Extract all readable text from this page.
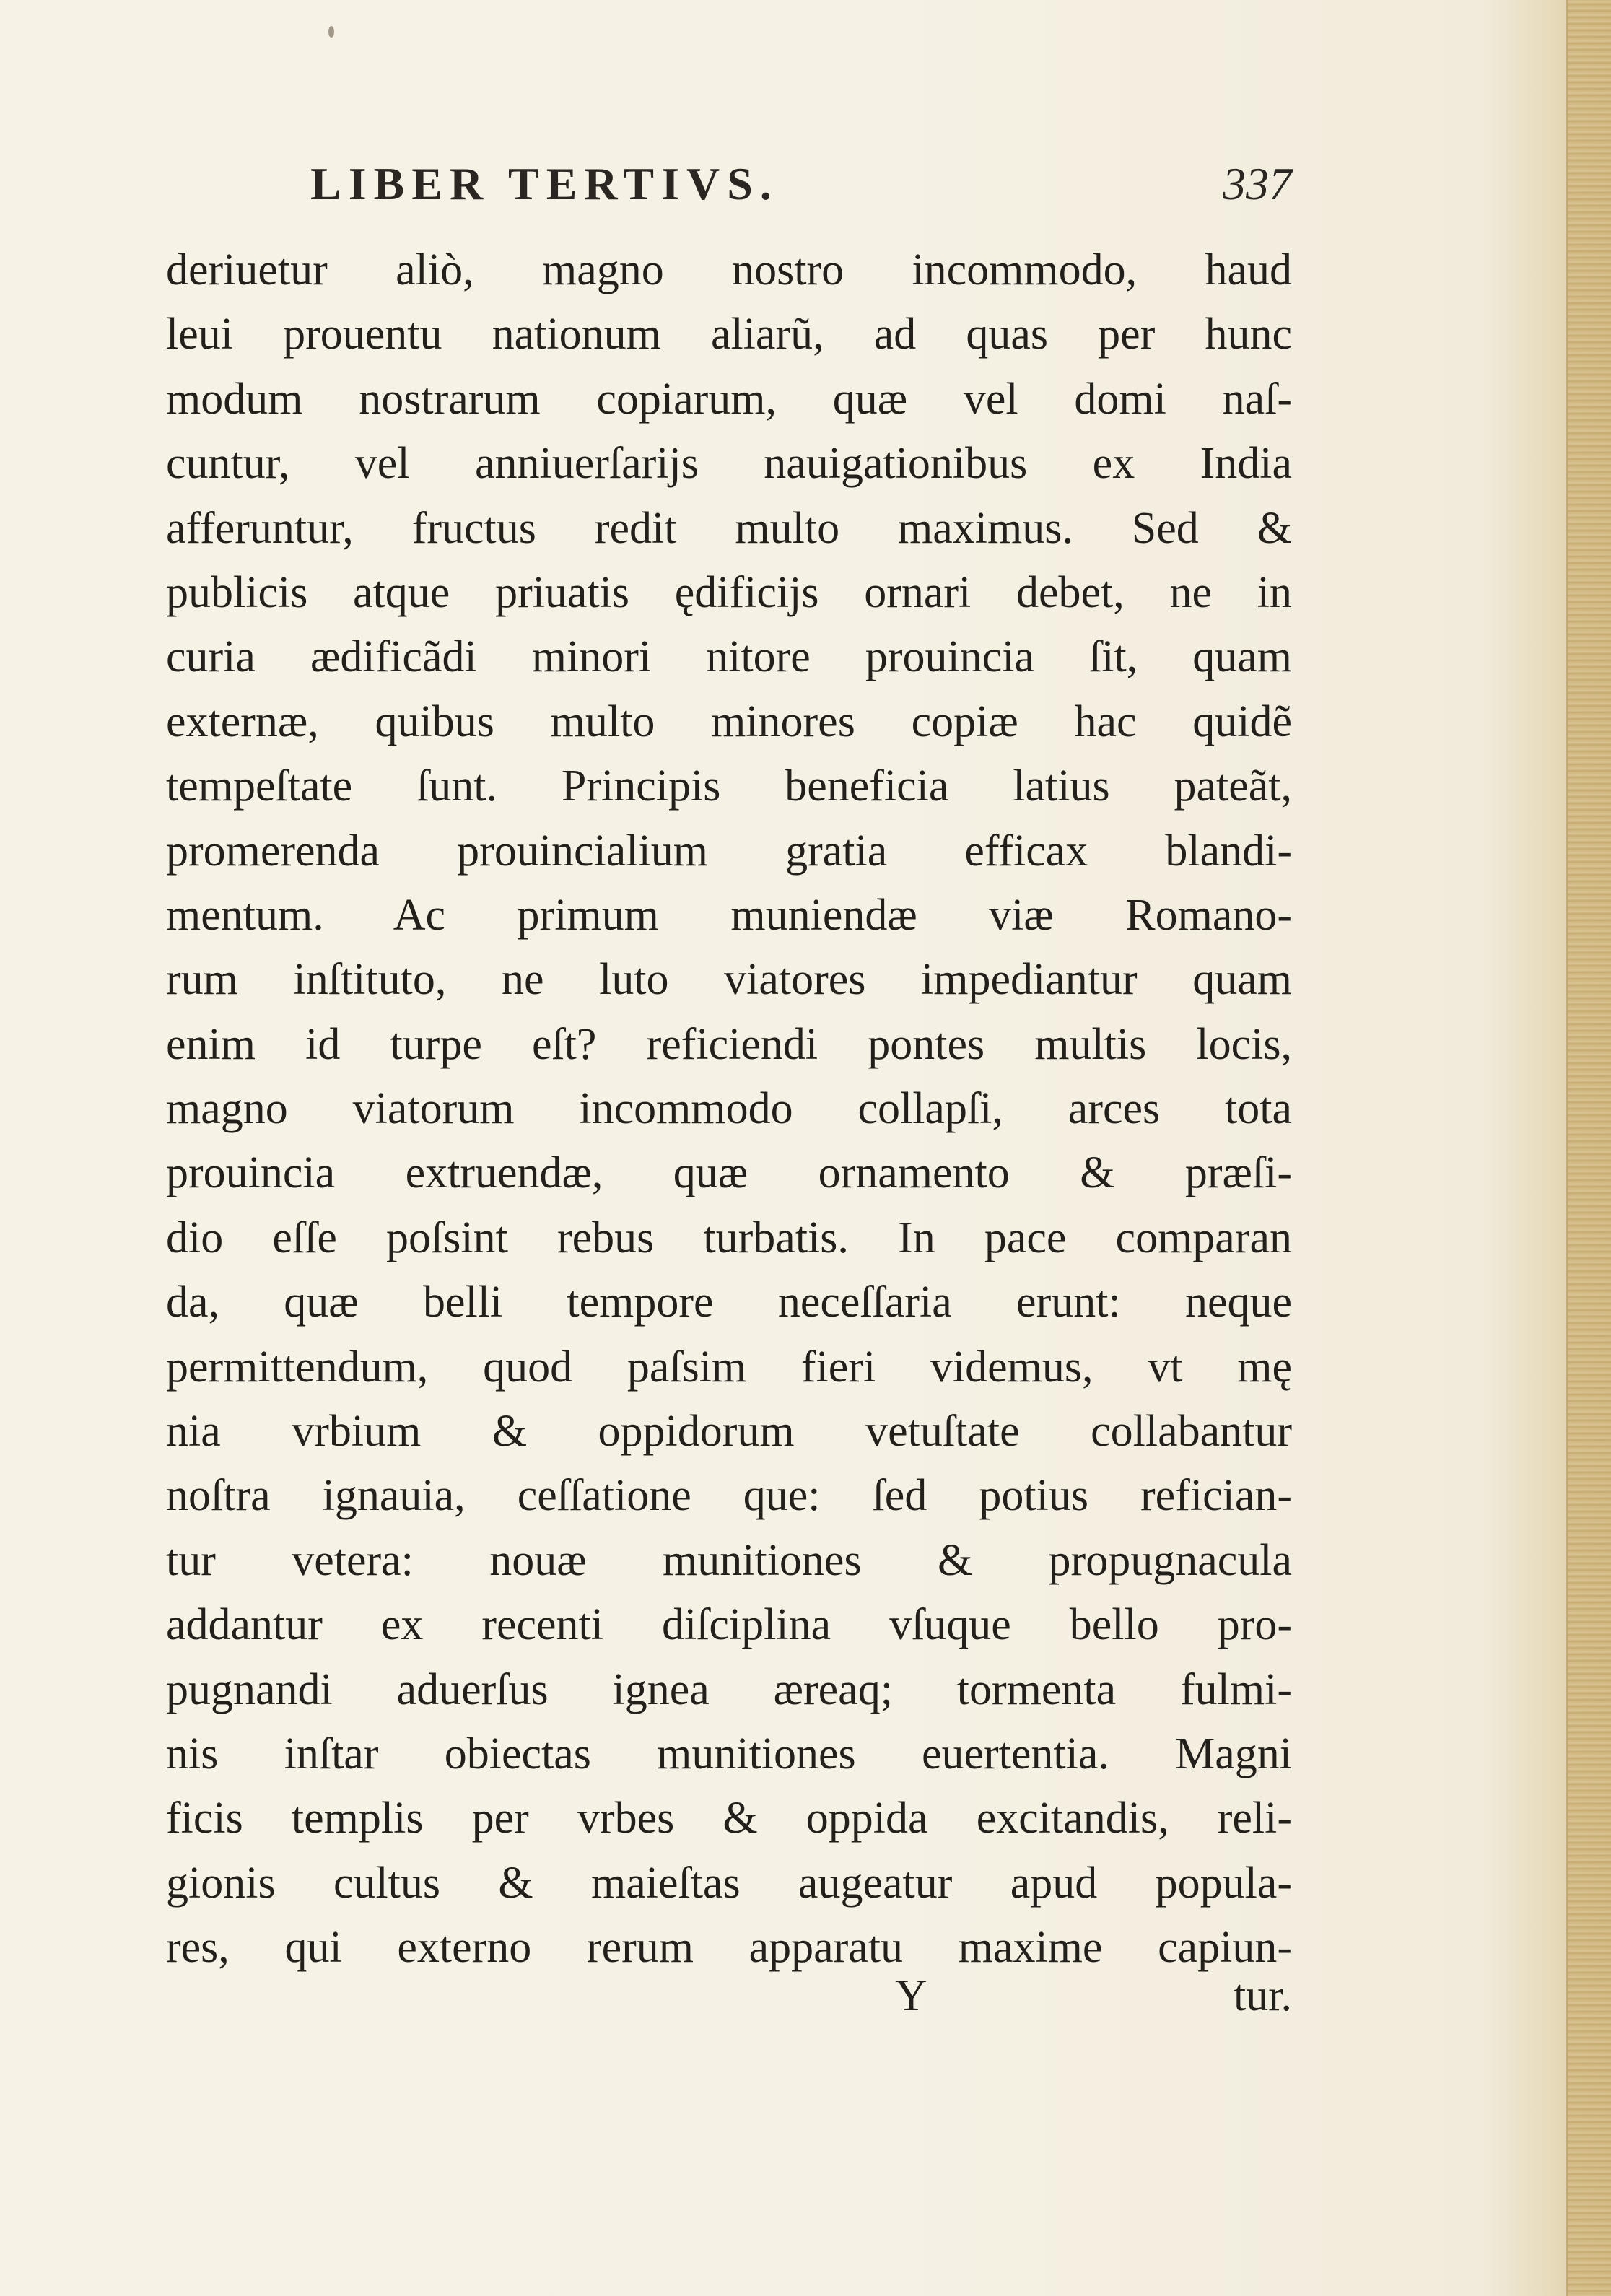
LIBER TERTIVS.	337
deriuetur aliò, magno nostro incommodo, haud
leui prouentu nationum aliarũ, ad quas per hunc
modum nostrarum copiarum, quæ vel domi naſ-
cuntur, vel anniuerſarijs nauigationibus ex India
afferuntur, fructus redit multo maximus. Sed &
publicis atque priuatis ędificijs ornari debet, ne in
curia ædificãdi minori nitore prouincia ſit, quam
externæ, quibus multo minores copiæ hac quidẽ
tempeſtate ſunt. Principis beneficia latius pateãt,
promerenda prouincialium gratia efficax blandi-
mentum. Ac primum muniendæ viæ Romano-
rum inſtituto, ne luto viatores impediantur quam
enim id turpe eſt? reficiendi pontes multis locis,
magno viatorum incommodo collapſi, arces tota
prouincia extruendæ, quæ ornamento & præſi-
dio eſſe poſsint rebus turbatis. In pace comparan
da, quæ belli tempore neceſſaria erunt: neque
permittendum, quod paſsim fieri videmus, vt mę
nia vrbium & oppidorum vetuſtate collabantur
noſtra ignauia, ceſſatione que: ſed potius refician-
tur vetera: nouæ munitiones & propugnacula
addantur ex recenti diſciplina vſuque bello pro-
pugnandi aduerſus ignea æreaq; tormenta fulmi-
nis inſtar obiectas munitiones euertentia. Magni
ficis templis per vrbes & oppida excitandis, reli-
gionis cultus & maieſtas augeatur apud popula-
res, qui externo rerum apparatu maxime capiun-
Y	tur.
